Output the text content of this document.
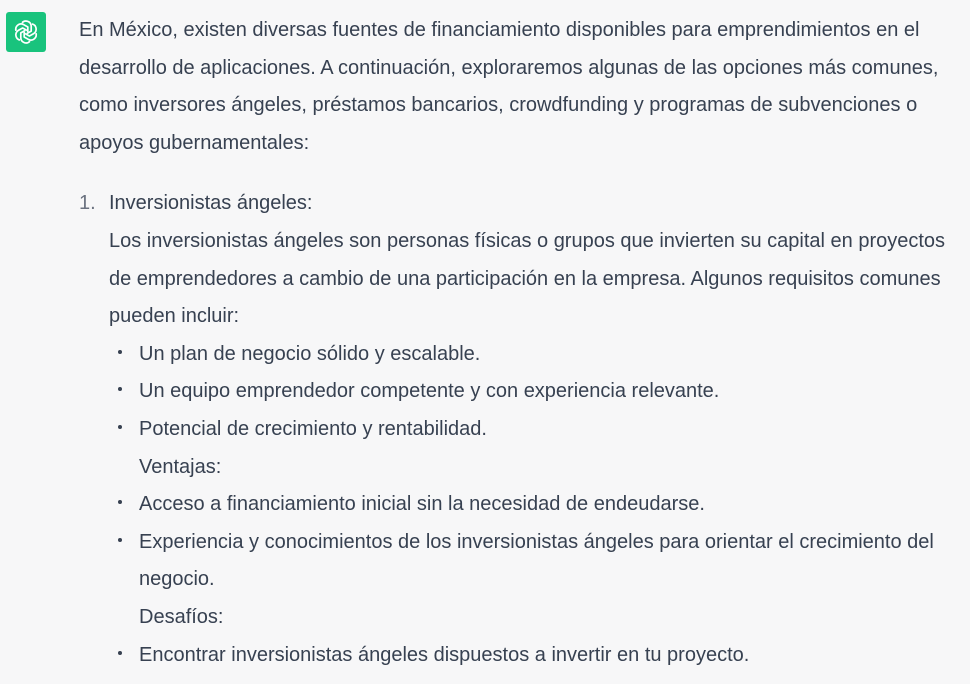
En México, existen diversas fuentes de financiamiento disponibles para emprendimientos en el desarrollo de aplicaciones. A continuación, exploraremos algunas de las opciones más comunes, como inversores ángeles, préstamos bancarios, crowdfunding y programas de subvenciones o apoyos gubernamentales:

1. Inversionistas ángeles:
Los inversionistas ángeles son personas físicas o grupos que invierten su capital en proyectos de emprendedores a cambio de una participación en la empresa. Algunos requisitos comunes pueden incluir:
Un plan de negocio sólido y escalable.
Un equipo emprendedor competente y con experiencia relevante.
Potencial de crecimiento y rentabilidad.
Ventajas:
Acceso a financiamiento inicial sin la necesidad de endeudarse.
Experiencia y conocimientos de los inversionistas ángeles para orientar el crecimiento del negocio.
Desafíos:
Encontrar inversionistas ángeles dispuestos a invertir en tu proyecto.
